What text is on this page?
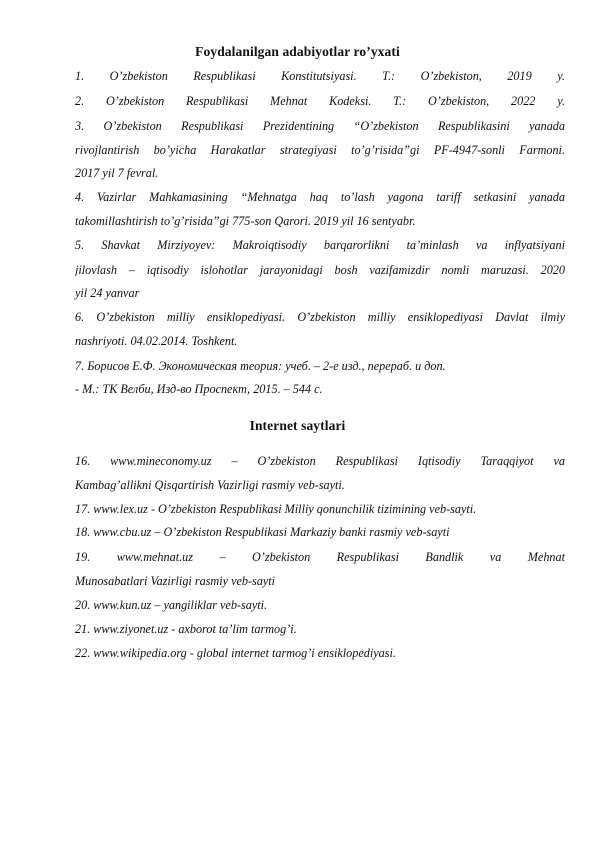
Foydalanilgan adabiyotlar ro’yxati
1. O’zbekiston Respublikasi Konstitutsiyasi. T.: O’zbekiston, 2019 y.
2. O’zbekiston Respublikasi Mehnat Kodeksi. T.: O’zbekiston, 2022 y.
3. O’zbekiston Respublikasi Prezidentining “O’zbekiston Respublikasini yanada
rivojlantirish bo’yicha Harakatlar strategiyasi to’g’risida”gi PF-4947-sonli Farmoni.
2017 yil 7 fevral.
4. Vazirlar Mahkamasining “Mehnatga haq to’lash yagona tariff setkasini yanada
takomillashtirish to’g’risida”gi 775-son Qarori. 2019 yil 16 sentyabr.
5. Shavkat Mirziyoyev: Makroiqtisodiy barqarorlikni ta’minlash va inflyatsiyani
jilovlash – iqtisodiy islohotlar jarayonidagi bosh vazifamizdir nomli maruzasi. 2020
yil 24 yanvar
6. O’zbekiston milliy ensiklopediyasi. O’zbekiston milliy ensiklopediyasi Davlat ilmiy
nashriyoti. 04.02.2014. Toshkent.
7. Борисов Е.Ф. Экономическая теория: учеб. – 2-е изд., перераб. и доп.
- М.: ТК Велби, Изд-во Проспект, 2015. – 544 с.
Internet saytlari
16. www.mineconomy.uz – O’zbekiston Respublikasi Iqtisodiy Taraqqiyot va
Kambag’allikni Qisqartirish Vazirligi rasmiy veb-sayti.
17. www.lex.uz - O’zbekiston Respublikasi Milliy qonunchilik tizimining veb-sayti.
18. www.cbu.uz – O’zbekiston Respublikasi Markaziy banki rasmiy veb-sayti
19. www.mehnat.uz – O’zbekiston Respublikasi Bandlik va Mehnat
Munosabatlari Vazirligi rasmiy veb-sayti
20. www.kun.uz – yangiliklar veb-sayti.
21. www.ziyonet.uz - axborot ta’lim tarmog’i.
22. www.wikipedia.org - global internet tarmog’i ensiklopediyasi.
